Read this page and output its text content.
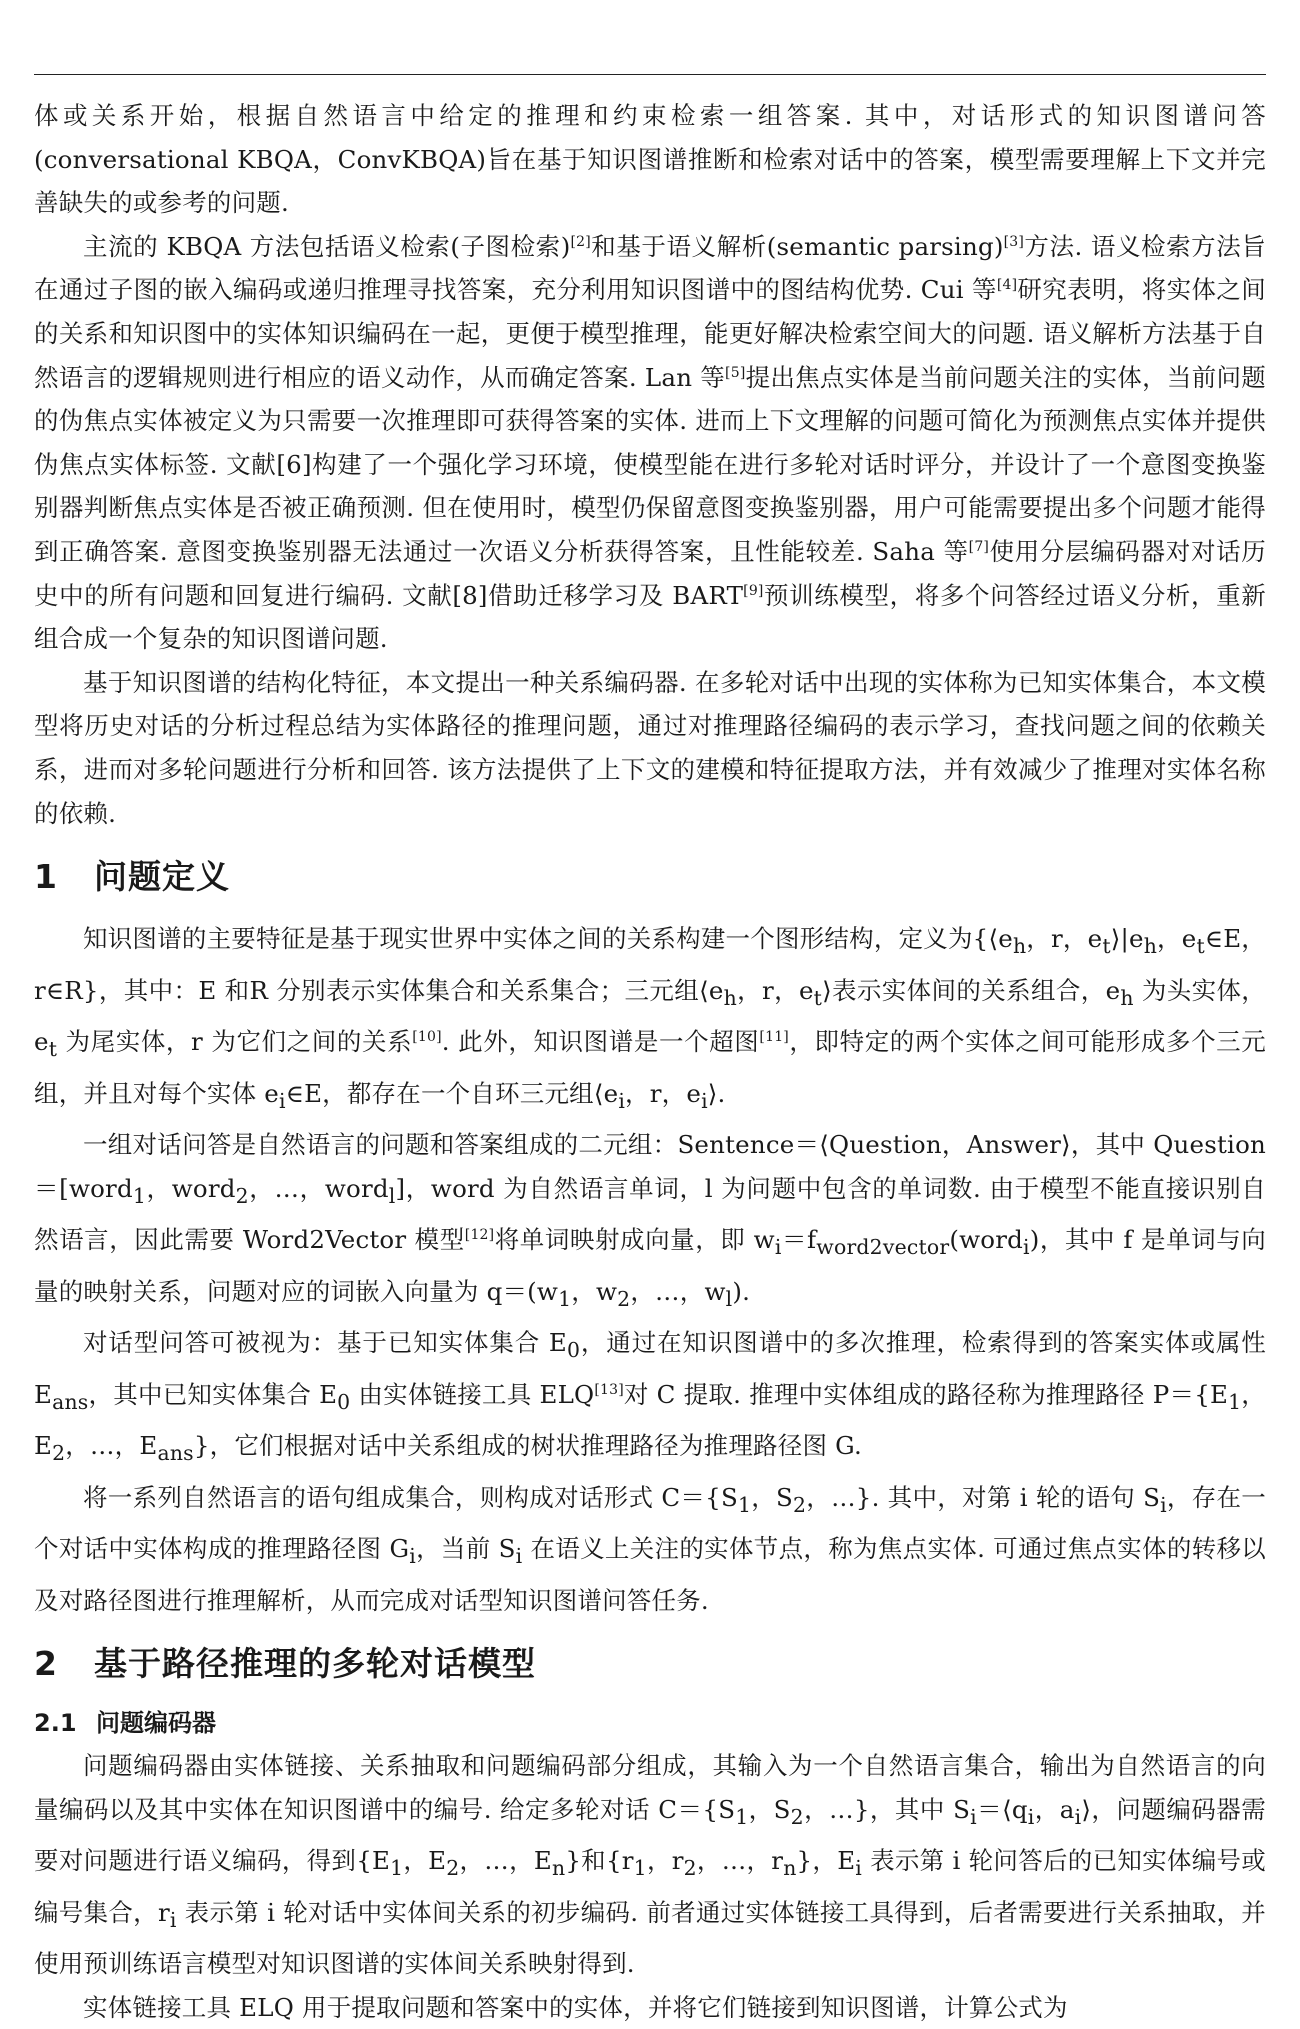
体或关系开始，根据自然语言中给定的推理和约束检索一组答案. 其中，对话形式的知识图谱问答(conversational KBQA，ConvKBQA)旨在基于知识图谱推断和检索对话中的答案，模型需要理解上下文并完善缺失的或参考的问题.

主流的 KBQA 方法包括语义检索(子图检索)[2]和基于语义解析(semantic parsing)[3]方法. 语义检索方法旨在通过子图的嵌入编码或递归推理寻找答案，充分利用知识图谱中的图结构优势. Cui 等[4]研究表明，将实体之间的关系和知识图中的实体知识编码在一起，更便于模型推理，能更好解决检索空间大的问题. 语义解析方法基于自然语言的逻辑规则进行相应的语义动作，从而确定答案. Lan 等[5]提出焦点实体是当前问题关注的实体，当前问题的伪焦点实体被定义为只需要一次推理即可获得答案的实体. 进而上下文理解的问题可简化为预测焦点实体并提供伪焦点实体标签. 文献[6]构建了一个强化学习环境，使模型能在进行多轮对话时评分，并设计了一个意图变换鉴别器判断焦点实体是否被正确预测. 但在使用时，模型仍保留意图变换鉴别器，用户可能需要提出多个问题才能得到正确答案. 意图变换鉴别器无法通过一次语义分析获得答案，且性能较差. Saha 等[7]使用分层编码器对对话历史中的所有问题和回复进行编码. 文献[8]借助迁移学习及 BART[9]预训练模型，将多个问答经过语义分析，重新组合成一个复杂的知识图谱问题.

基于知识图谱的结构化特征，本文提出一种关系编码器. 在多轮对话中出现的实体称为已知实体集合，本文模型将历史对话的分析过程总结为实体路径的推理问题，通过对推理路径编码的表示学习，查找问题之间的依赖关系，进而对多轮问题进行分析和回答. 该方法提供了上下文的建模和特征提取方法，并有效减少了推理对实体名称的依赖.

1 问题定义

知识图谱的主要特征是基于现实世界中实体之间的关系构建一个图形结构，定义为{$⟨e_h$，r，$e_t⟩|e_h$，$e_t\in E$，r∈R}，其中：E 和R 分别表示实体集合和关系集合；三元组$⟨e_h$，r，$e_t⟩$表示实体间的关系组合，$e_h$ 为头实体，$e_t$ 为尾实体，r 为它们之间的关系[10]. 此外，知识图谱是一个超图[11]，即特定的两个实体之间可能形成多个三元组，并且对每个实体 $e_i\in E$，都存在一个自环三元组$⟨e_i$，r，$e_i⟩$.

一组对话问答是自然语言的问题和答案组成的二元组：Sentence＝⟨Question，Answer⟩，其中 Question＝[word$_1$，word$_2$，…，word$_l$]，word 为自然语言单词，l 为问题中包含的单词数. 由于模型不能直接识别自然语言，因此需要 Word2Vector 模型[12]将单词映射成向量，即 $w_i=f_{word2vector}(word_i)$，其中 f 是单词与向量的映射关系，问题对应的词嵌入向量为 $q=(w_1$，$w_2$，…，$w_l$).

对话型问答可被视为：基于已知实体集合 $E_0$，通过在知识图谱中的多次推理，检索得到的答案实体或属性 $E_{ans}$，其中已知实体集合 $E_0$ 由实体链接工具 ELQ[13]对 C 提取. 推理中实体组成的路径称为推理路径 $P=\{E_1$，$E_2$，…，$E_{ans}$}，它们根据对话中关系组成的树状推理路径为推理路径图 G.

将一系列自然语言的语句组成集合，则构成对话形式 $C=\{S_1$，$S_2$，…}. 其中，对第 i 轮的语句 $S_i$，存在一个对话中实体构成的推理路径图 $G_i$，当前 $S_i$ 在语义上关注的实体节点，称为焦点实体. 可通过焦点实体的转移以及对路径图进行推理解析，从而完成对话型知识图谱问答任务.

2 基于路径推理的多轮对话模型
2.1 问题编码器

问题编码器由实体链接、关系抽取和问题编码部分组成，其输入为一个自然语言集合，输出为自然语言的向量编码以及其中实体在知识图谱中的编号. 给定多轮对话 $C=\{S_1$，$S_2$，…}，其中 $S_i=⟨q_i$，$a_i⟩$，问题编码器需要对问题进行语义编码，得到{$E_1$，$E_2$，…，$E_n$}和{$r_1$，$r_2$，…，$r_n$}，$E_i$ 表示第 i 轮问答后的已知实体编号或编号集合，$r_i$ 表示第 i 轮对话中实体间关系的初步编码. 前者通过实体链接工具得到，后者需要进行关系抽取，并使用预训练语言模型对知识图谱的实体间关系映射得到.

实体链接工具 ELQ 用于提取问题和答案中的实体，并将它们链接到知识图谱，计算公式为
